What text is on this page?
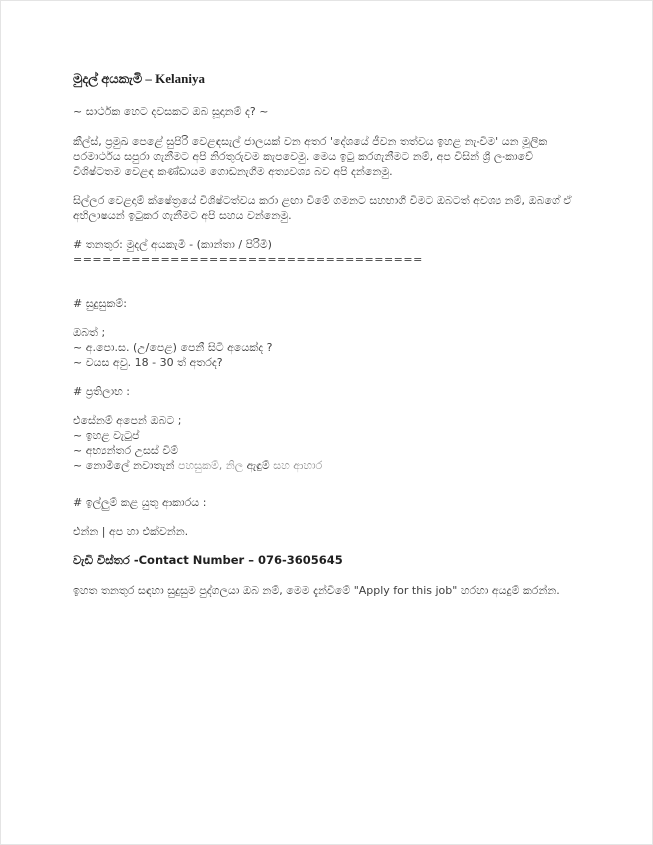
මුදල් අයකැමි – Kelaniya

~ සාර්ථක හෙට දවසකට ඔබ සූදානම් ද? ~

කීල්ස්, ප්‍රමුඛ පෙළේ සුපිරි වෙළඳසැල් ජාලයක් වන අතර 'දේශයේ ජීවන තත්වය ඉහළ නැංවීම' යන මූලික පරමාර්ථය සපුරා ගැනීමට අපි නිරතුරුවම කැපවෙමු. මෙය ඉටු කරගැනීමට නම්, අප විසින් ශ්‍රී ලංකාවේ විශිෂ්ටතම වෙළඳ කණ්ඩායම ගොඩනැගීම අත්‍යවශ්‍ය බව අපි දන්නෙමු.

සිල්ලර වෙළදාම් ක්ෂේත්‍රයේ විශිෂ්ටත්වය කරා ළඟා වීමේ ගමනට සහභාගී වීමට ඔබටත් අවශ්‍ය නම්, ඔබගේ ඒ අභිලාෂයන් ඉටුකර ගැනීමට අපි සහය වන්නෙමු.

# තනතුර: මුදල් අයකැමි - (කාන්තා / පිරිමි)

====================================

# සුදුසුකම්:

ඔබත් ;
~ අ.පො.ස. (උ/පෙළ) පෙනී සිටි අයෙක්ද ?
~ වයස අවු. 18 - 30 ත් අතරද?

# ප්‍රතිලාභ :

එසේනම් අපෙන් ඔබට ;
~ ඉහළ වැටුප්
~ අභ්‍යන්තර උසස් වීම්
~ නොමිලේ නවාතැන් පහසුකම්, නිල ඇඳුම් සහ ආහාර

# ඉල්ලුම් කළ යුතු ආකාරය :

එන්න | අප හා එක්වන්න.

වැඩි විස්තර -Contact Number – 076-3605645

ඉහත තනතුර සඳහා සුදුසුම පුද්ගලයා ඔබ නම්, මෙම දැන්වීමේ "Apply for this job" හරහා අයදුම් කරන්න.
